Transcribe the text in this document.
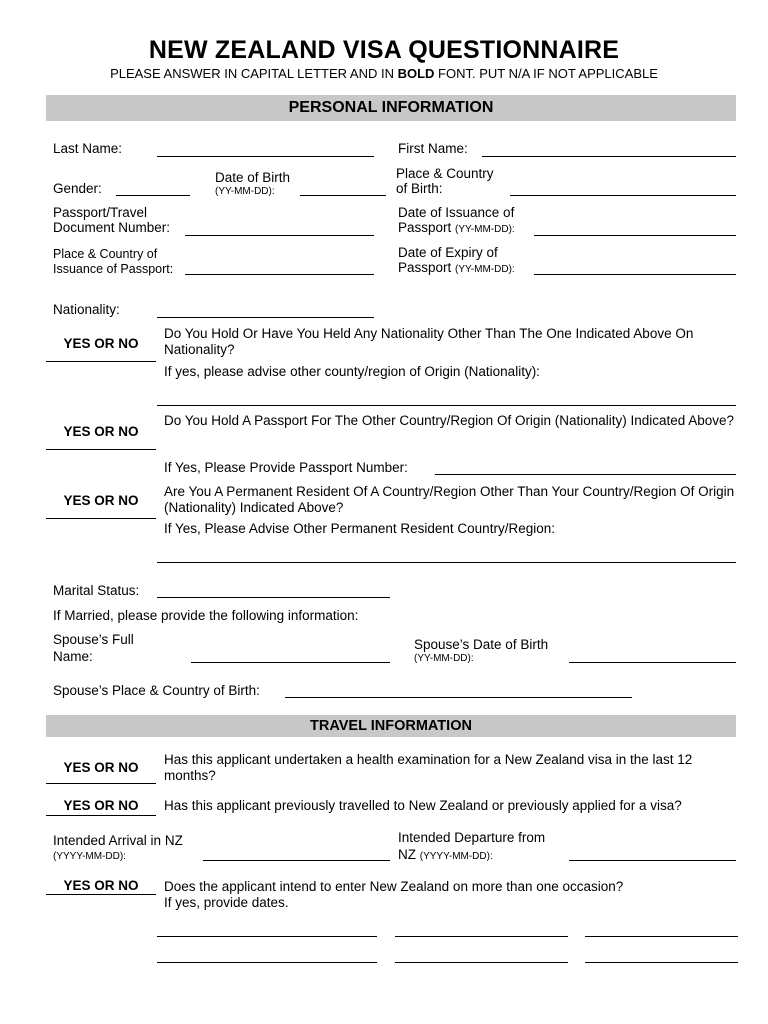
NEW ZEALAND VISA QUESTIONNAIRE
PLEASE ANSWER IN CAPITAL LETTER AND IN BOLD FONT. PUT N/A IF NOT APPLICABLE
PERSONAL INFORMATION
Last Name:	First Name:
Gender:
Date of Birth
(YY-MM-DD):
Place & Country
of Birth:
Passport/Travel
Document Number:
Date of Issuance of
Passport (YY-MM-DD):
Place & Country of
Issuance of Passport:
Date of Expiry of
Passport (YY-MM-DD):
Nationality:
YES OR NO
Do You Hold Or Have You Held Any Nationality Other Than The One Indicated Above On Nationality?
If yes, please advise other county/region of Origin (Nationality):
YES OR NO
Do You Hold A Passport For The Other Country/Region Of Origin (Nationality) Indicated Above?
If Yes, Please Provide Passport Number:
YES OR NO
Are You A Permanent Resident Of A Country/Region Other Than Your Country/Region Of Origin (Nationality) Indicated Above?
If Yes, Please Advise Other Permanent Resident Country/Region:
Marital Status:
If Married, please provide the following information:
Spouse’s Full
Name:
Spouse’s Date of Birth
(YY-MM-DD):
Spouse’s Place & Country of Birth:
TRAVEL INFORMATION
YES OR NO
Has this applicant undertaken a health examination for a New Zealand visa in the last 12 months?
YES OR NO	Has this applicant previously travelled to New Zealand or previously applied for a visa?
Intended Arrival in NZ
(YYYY-MM-DD):
Intended Departure from
NZ (YYYY-MM-DD):
YES OR NO	Does the applicant intend to enter New Zealand on more than one occasion?
If yes, provide dates.
